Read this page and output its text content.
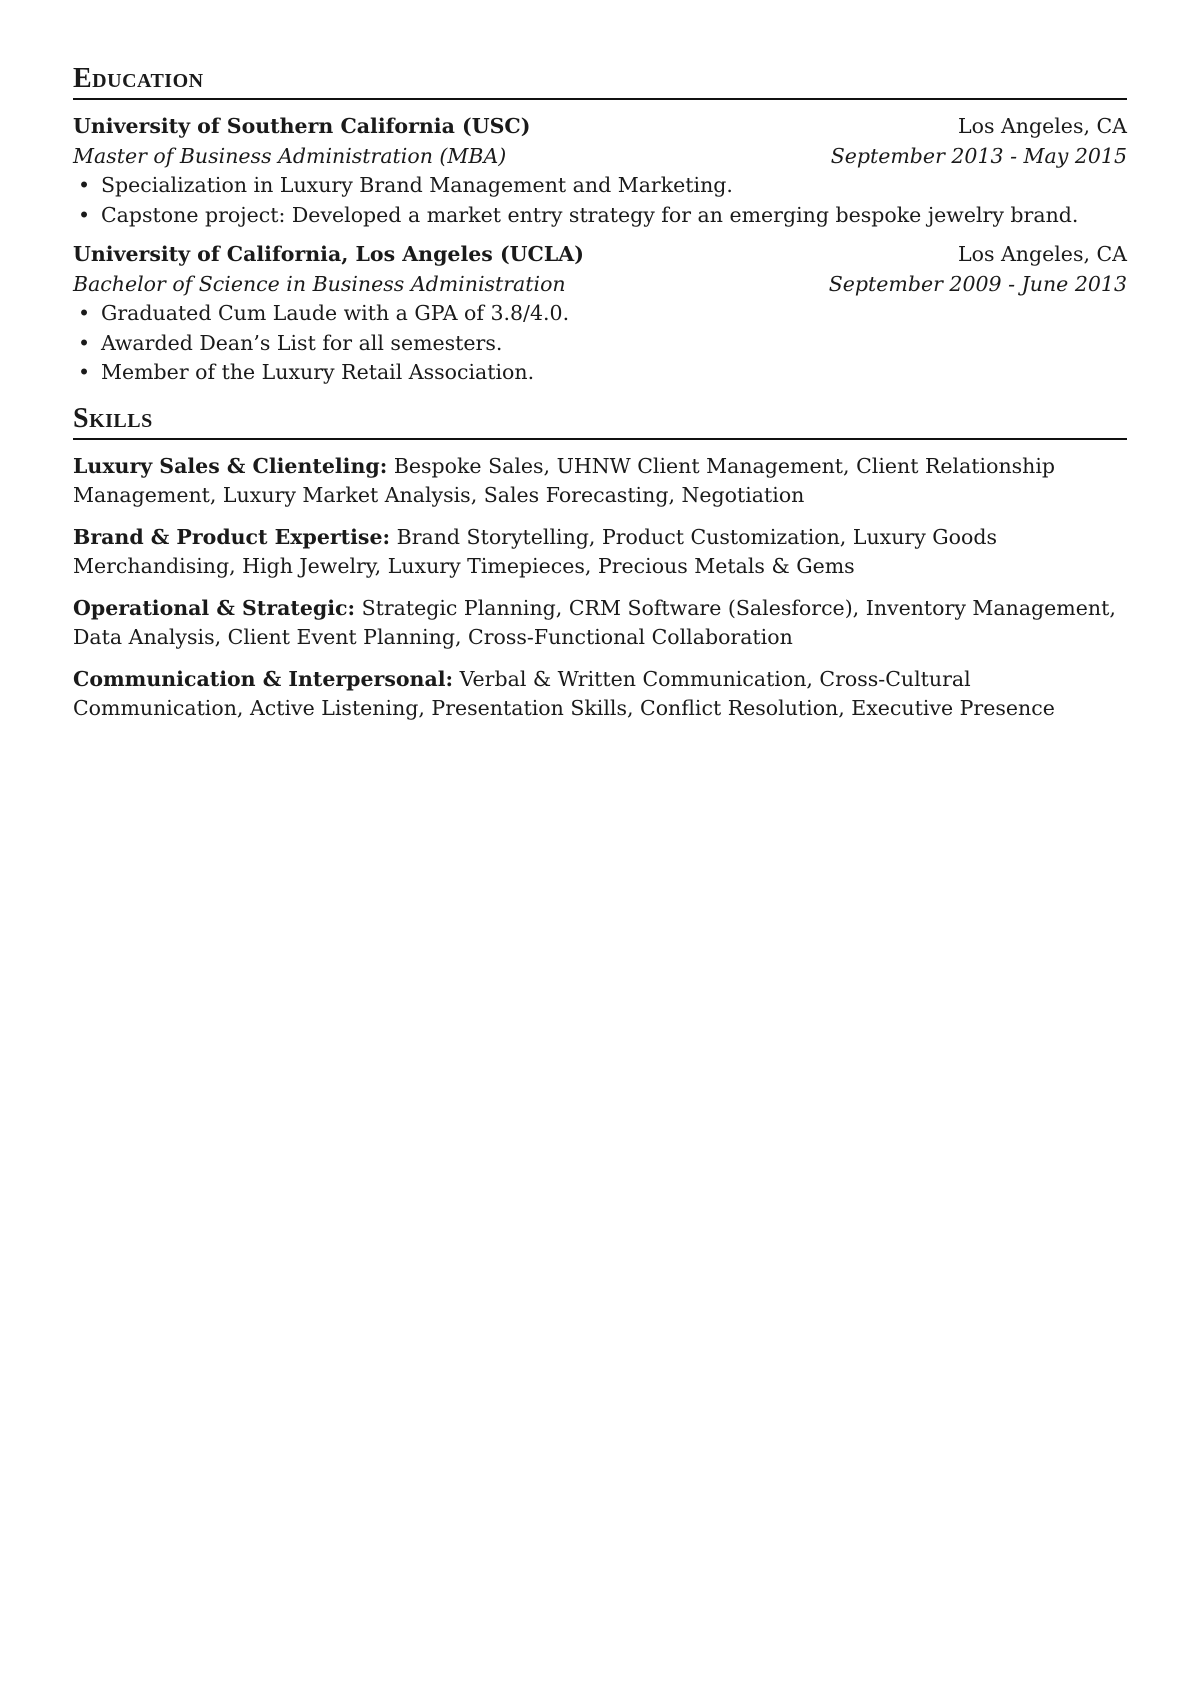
Education
University of Southern California (USC)	Los Angeles, CA
Master of Business Administration (MBA)	September 2013 - May 2015
• Specialization in Luxury Brand Management and Marketing.
• Capstone project: Developed a market entry strategy for an emerging bespoke jewelry brand.
University of California, Los Angeles (UCLA)	Los Angeles, CA
Bachelor of Science in Business Administration	September 2009 - June 2013
• Graduated Cum Laude with a GPA of 3.8/4.0.
• Awarded Dean’s List for all semesters.
• Member of the Luxury Retail Association.
Skills
Luxury Sales & Clienteling: Bespoke Sales, UHNW Client Management, Client Relationship Management, Luxury Market Analysis, Sales Forecasting, Negotiation
Brand & Product Expertise: Brand Storytelling, Product Customization, Luxury Goods Merchandising, High Jewelry, Luxury Timepieces, Precious Metals & Gems
Operational & Strategic: Strategic Planning, CRM Software (Salesforce), Inventory Management, Data Analysis, Client Event Planning, Cross-Functional Collaboration
Communication & Interpersonal: Verbal & Written Communication, Cross-Cultural Communication, Active Listening, Presentation Skills, Conflict Resolution, Executive Presence
